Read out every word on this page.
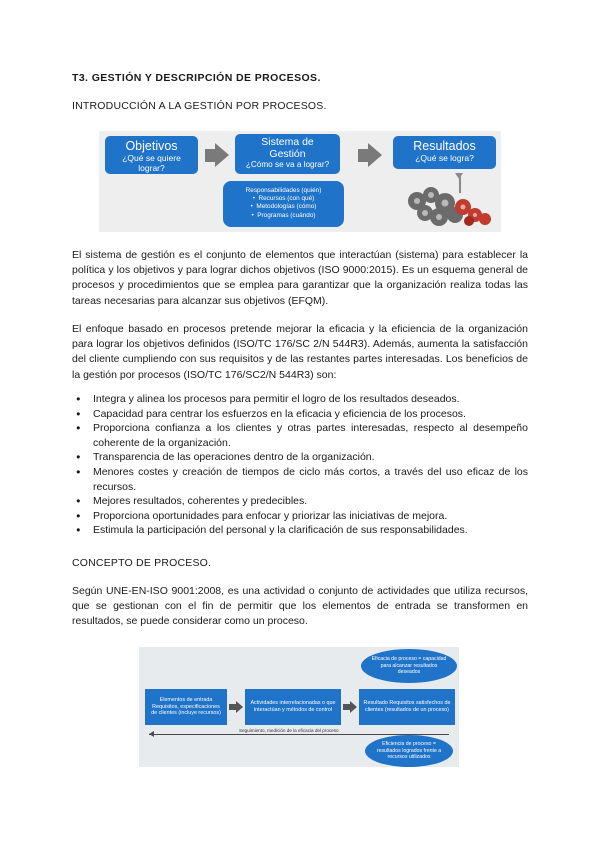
T3. GESTIÓN Y DESCRIPCIÓN DE PROCESOS.
INTRODUCCIÓN A LA GESTIÓN POR PROCESOS.
Objetivos
¿Qué se quiere lograr?
Sistema de Gestión
¿Cómo se va a lograr?
Resultados
¿Qué se logra?
Responsabilidades (quién)
•  Recursos (con qué)
•  Metodologías (cómo)
•  Programas (cuándo)

El sistema de gestión es el conjunto de elementos que interactúan (sistema) para establecer la política y los objetivos y para lograr dichos objetivos (ISO 9000:2015). Es un esquema general de procesos y procedimientos que se emplea para garantizar que la organización realiza todas las tareas necesarias para alcanzar sus objetivos (EFQM).

El enfoque basado en procesos pretende mejorar la eficacia y la eficiencia de la organización para lograr los objetivos definidos (ISO/TC 176/SC 2/N 544R3). Además, aumenta la satisfacción del cliente cumpliendo con sus requisitos y de las restantes partes interesadas. Los beneficios de la gestión por procesos (ISO/TC 176/SC2/N 544R3) son:

● Integra y alinea los procesos para permitir el logro de los resultados deseados.
● Capacidad para centrar los esfuerzos en la eficacia y eficiencia de los procesos.
● Proporciona confianza a los clientes y otras partes interesadas, respecto al desempeño coherente de la organización.
● Transparencia de las operaciones dentro de la organización.
● Menores costes y creación de tiempos de ciclo más cortos, a través del uso eficaz de los recursos.
● Mejores resultados, coherentes y predecibles.
● Proporciona oportunidades para enfocar y priorizar las iniciativas de mejora.
● Estimula la participación del personal y la clarificación de sus responsabilidades.
CONCEPTO DE PROCESO.

Según UNE-EN-ISO 9001:2008, es una actividad o conjunto de actividades que utiliza recursos, que se gestionan con el fin de permitir que los elementos de entrada se transformen en resultados, se puede considerar como un proceso.

Eficacia de proceso = capacidad para alcanzar resultados deseados
Elementos de entrada Requisitos, especificaciones de clientes (incluye recursos)
Actividades interrelacionadas o que interactúan y métodos de control
Resultado Requisitos satisfechos de clientes (resultados de un proceso)
Seguimiento, medición de la eficacia del proceso
Eficiencia de proceso = resultados logrados frente a recursos utilizados
